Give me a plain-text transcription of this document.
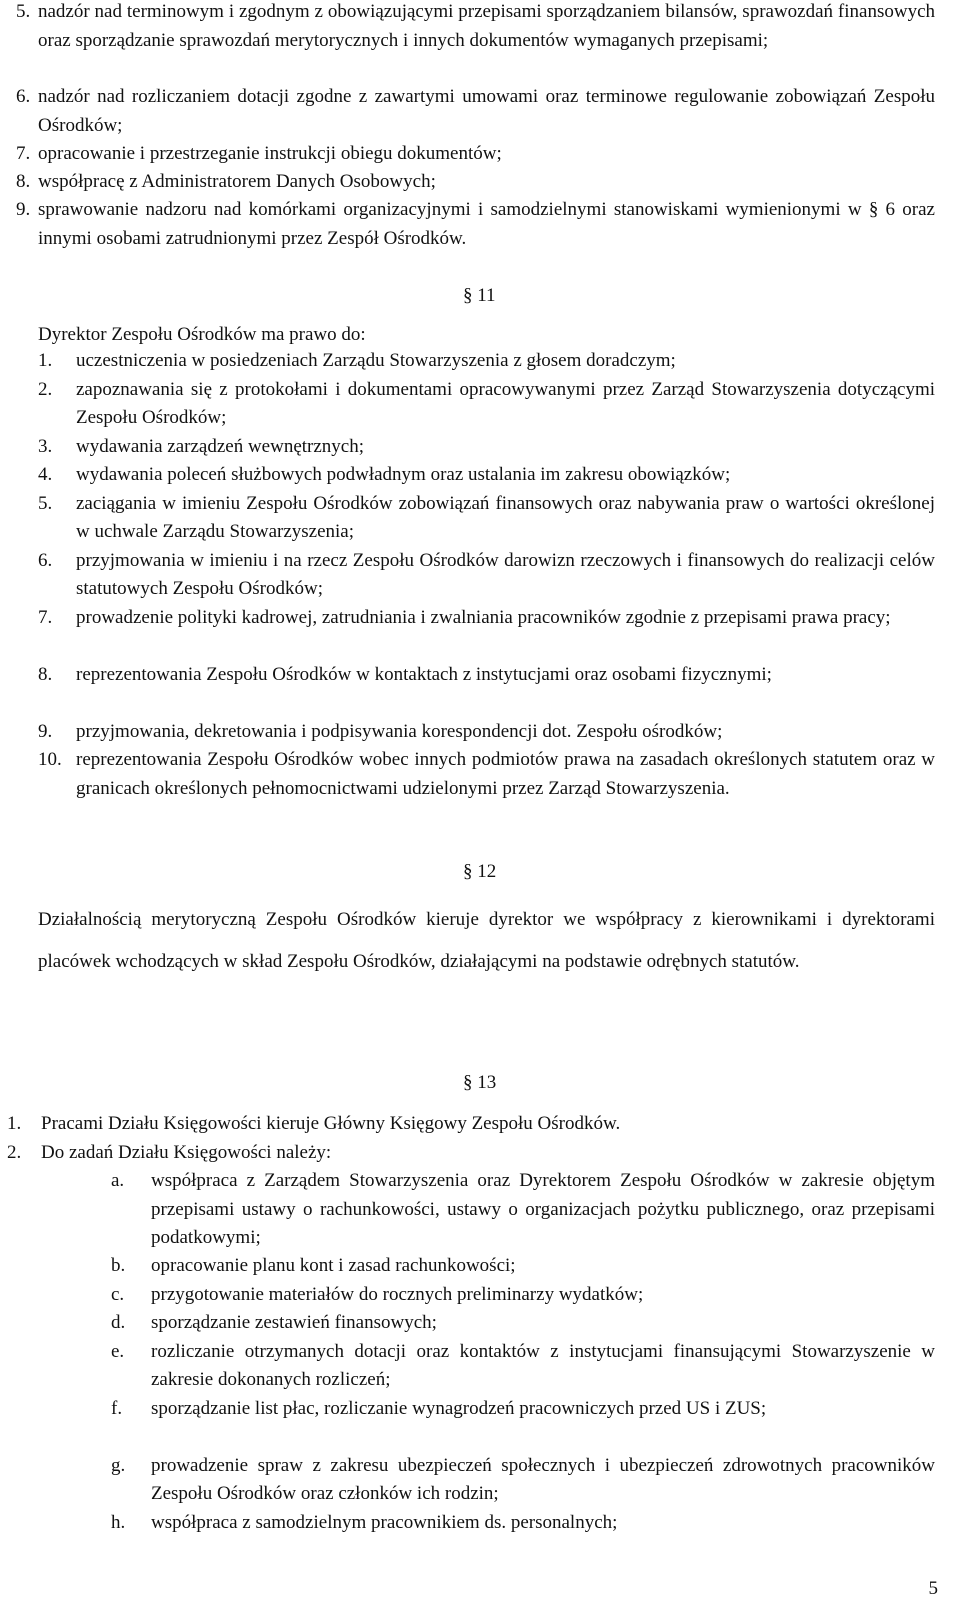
5. nadzór nad terminowym i zgodnym z obowiązującymi przepisami sporządzaniem bilansów, sprawozdań finansowych oraz sporządzanie sprawozdań merytorycznych i innych dokumentów wymaganych przepisami;
6. nadzór nad rozliczaniem dotacji zgodne z zawartymi umowami oraz terminowe regulowanie zobowiązań Zespołu Ośrodków;
7. opracowanie i przestrzeganie instrukcji obiegu dokumentów;
8. współpracę z Administratorem Danych Osobowych;
9. sprawowanie nadzoru nad komórkami organizacyjnymi i samodzielnymi stanowiskami wymienionymi w § 6 oraz innymi osobami zatrudnionymi przez Zespół Ośrodków.
§ 11
Dyrektor Zespołu Ośrodków ma prawo do:
1. uczestniczenia w posiedzeniach Zarządu Stowarzyszenia z głosem doradczym;
2. zapoznawania się z protokołami i dokumentami opracowywanymi przez Zarząd Stowarzyszenia dotyczącymi Zespołu Ośrodków;
3. wydawania zarządzeń wewnętrznych;
4. wydawania poleceń służbowych podwładnym oraz ustalania im zakresu obowiązków;
5. zaciągania w imieniu Zespołu Ośrodków zobowiązań finansowych oraz nabywania praw o wartości określonej w uchwale Zarządu Stowarzyszenia;
6. przyjmowania w imieniu i na rzecz Zespołu Ośrodków darowizn rzeczowych i finansowych do realizacji celów statutowych Zespołu Ośrodków;
7. prowadzenie polityki kadrowej, zatrudniania i zwalniania pracowników zgodnie z przepisami prawa pracy;
8. reprezentowania Zespołu Ośrodków w kontaktach z instytucjami oraz osobami fizycznymi;
9. przyjmowania, dekretowania i podpisywania korespondencji dot. Zespołu ośrodków;
10. reprezentowania Zespołu Ośrodków wobec innych podmiotów prawa na zasadach określonych statutem oraz w granicach określonych pełnomocnictwami udzielonymi przez Zarząd Stowarzyszenia.
§ 12
Działalnością merytoryczną Zespołu Ośrodków kieruje dyrektor we współpracy z kierownikami i dyrektorami placówek wchodzących w skład Zespołu Ośrodków, działającymi na podstawie odrębnych statutów.
§ 13
1. Pracami Działu Księgowości kieruje Główny Księgowy Zespołu Ośrodków.
2. Do zadań Działu Księgowości należy:
a. współpraca z Zarządem Stowarzyszenia oraz Dyrektorem Zespołu Ośrodków w zakresie objętym przepisami ustawy o rachunkowości, ustawy o organizacjach pożytku publicznego, oraz przepisami podatkowymi;
b. opracowanie planu kont i zasad rachunkowości;
c. przygotowanie materiałów do rocznych preliminarzy wydatków;
d. sporządzanie zestawień finansowych;
e. rozliczanie otrzymanych dotacji oraz kontaktów z instytucjami finansującymi Stowarzyszenie w zakresie dokonanych rozliczeń;
f. sporządzanie list płac, rozliczanie wynagrodzeń pracowniczych przed US i ZUS;
g. prowadzenie spraw z zakresu ubezpieczeń społecznych i ubezpieczeń zdrowotnych pracowników Zespołu Ośrodków oraz członków ich rodzin;
h. współpraca z samodzielnym pracownikiem ds. personalnych;
5
